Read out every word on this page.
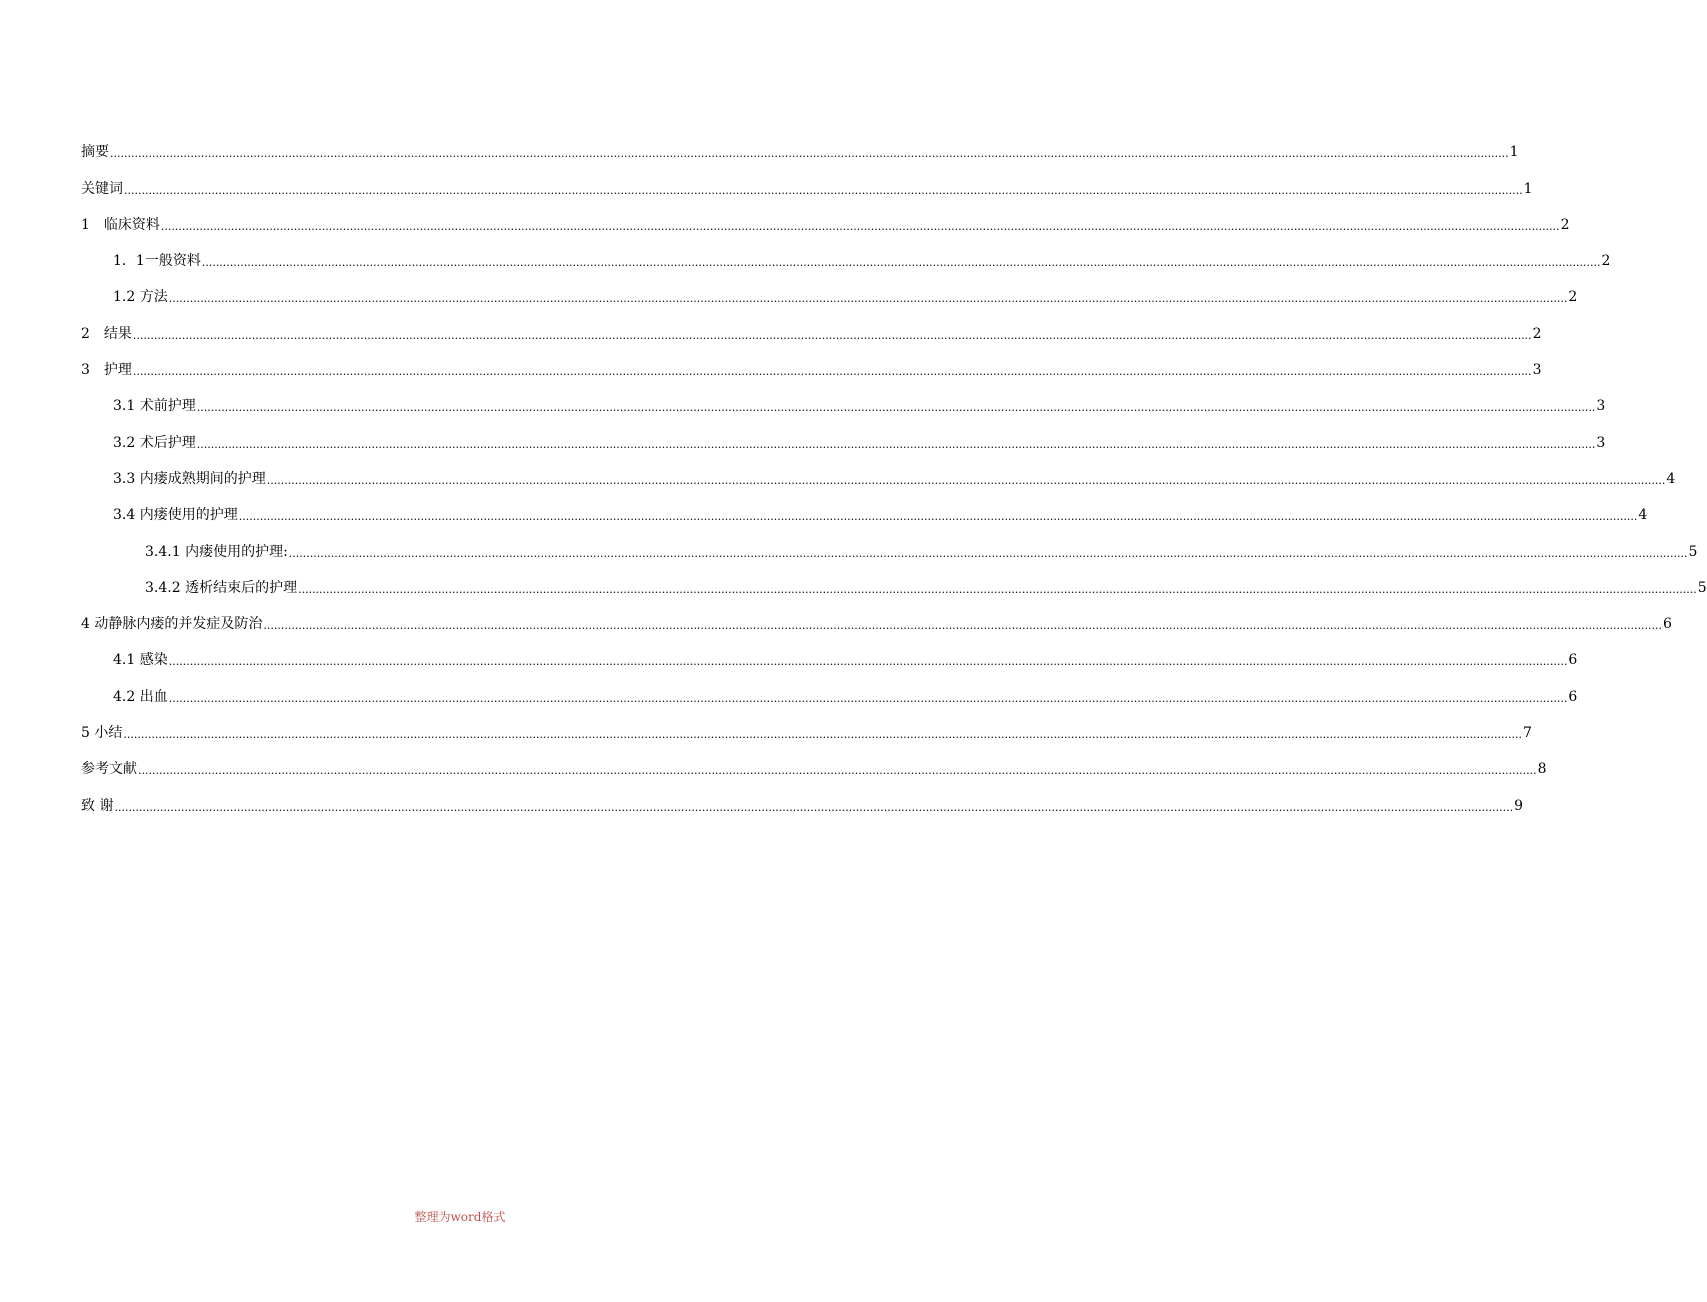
摘要 ................................................................................................................................................................................................................................................................................................................................................................................................................ 1
关键词 ................................................................................................................................................................................................................................................................................................................................................................................................................ 1
1　临床资料 ................................................................................................................................................................................................................................................................................................................................................................................................................ 2
1．1一般资料 ................................................................................................................................................................................................................................................................................................................................................................................................................ 2
1.2 方法 ................................................................................................................................................................................................................................................................................................................................................................................................................ 2
2　结果 ................................................................................................................................................................................................................................................................................................................................................................................................................ 2
3　护理 ................................................................................................................................................................................................................................................................................................................................................................................................................ 3
3.1 术前护理 ................................................................................................................................................................................................................................................................................................................................................................................................................ 3
3.2 术后护理 ................................................................................................................................................................................................................................................................................................................................................................................................................ 3
3.3 内瘘成熟期间的护理 ................................................................................................................................................................................................................................................................................................................................................................................................................ 4
3.4 内瘘使用的护理 ................................................................................................................................................................................................................................................................................................................................................................................................................ 4
3.4.1 内瘘使用的护理: ................................................................................................................................................................................................................................................................................................................................................................................................................ 5
3.4.2 透析结束后的护理 ................................................................................................................................................................................................................................................................................................................................................................................................................ 5
4 动静脉内瘘的并发症及防治 ................................................................................................................................................................................................................................................................................................................................................................................................................ 6
4.1 感染 ................................................................................................................................................................................................................................................................................................................................................................................................................ 6
4.2 出血 ................................................................................................................................................................................................................................................................................................................................................................................................................ 6
5 小结 ................................................................................................................................................................................................................................................................................................................................................................................................................ 7
参考文献 ................................................................................................................................................................................................................................................................................................................................................................................................................ 8
致 谢 ................................................................................................................................................................................................................................................................................................................................................................................................................ 9
整理为word格式
